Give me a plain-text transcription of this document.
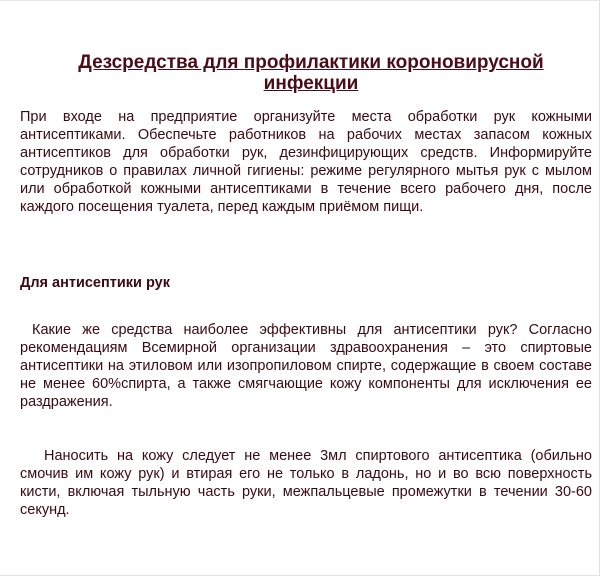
Дезсредства для профилактики короновирусной инфекции

При входе на предприятие организуйте места обработки рук кожными антисептиками. Обеспечьте работников на рабочих местах запасом кожных антисептиков для обработки рук, дезинфицирующих средств. Информируйте сотрудников о правилах личной гигиены: режиме регулярного мытья рук с мылом или обработкой кожными антисептиками в течение всего рабочего дня, после каждого посещения туалета, перед каждым приёмом пищи.

Для антисептики рук

Какие же средства наиболее эффективны для антисептики рук? Согласно рекомендациям Всемирной организации здравоохранения – это спиртовые антисептики на этиловом или изопропиловом спирте, содержащие в своем составе не менее 60%спирта, а также смягчающие кожу компоненты для исключения ее раздражения.

Наносить на кожу следует не менее 3мл спиртового антисептика (обильно смочив им кожу рук) и втирая его не только в ладонь, но и во всю поверхность кисти, включая тыльную часть руки, межпальцевые промежутки в течении 30-60 секунд.
